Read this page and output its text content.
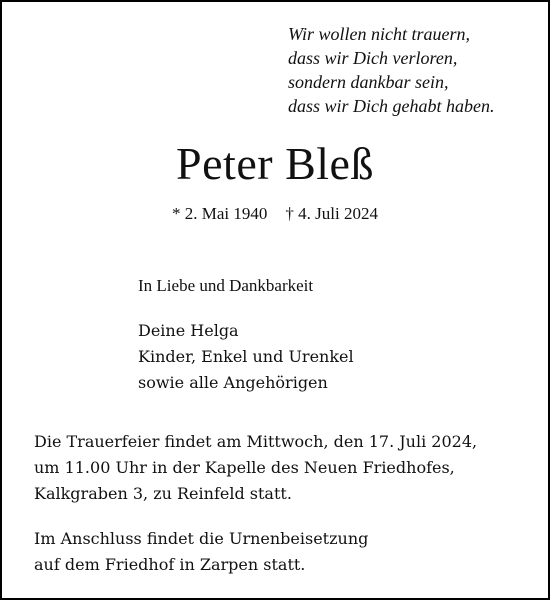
Wir wollen nicht trauern,
dass wir Dich verloren,
sondern dankbar sein,
dass wir Dich gehabt haben.
Peter Bleß
* 2. Mai 1940 † 4. Juli 2024
In Liebe und Dankbarkeit
Deine Helga
Kinder, Enkel und Urenkel
sowie alle Angehörigen
Die Trauerfeier findet am Mittwoch, den 17. Juli 2024,
um 11.00 Uhr in der Kapelle des Neuen Friedhofes,
Kalkgraben 3, zu Reinfeld statt.
Im Anschluss findet die Urnenbeisetzung
auf dem Friedhof in Zarpen statt.
